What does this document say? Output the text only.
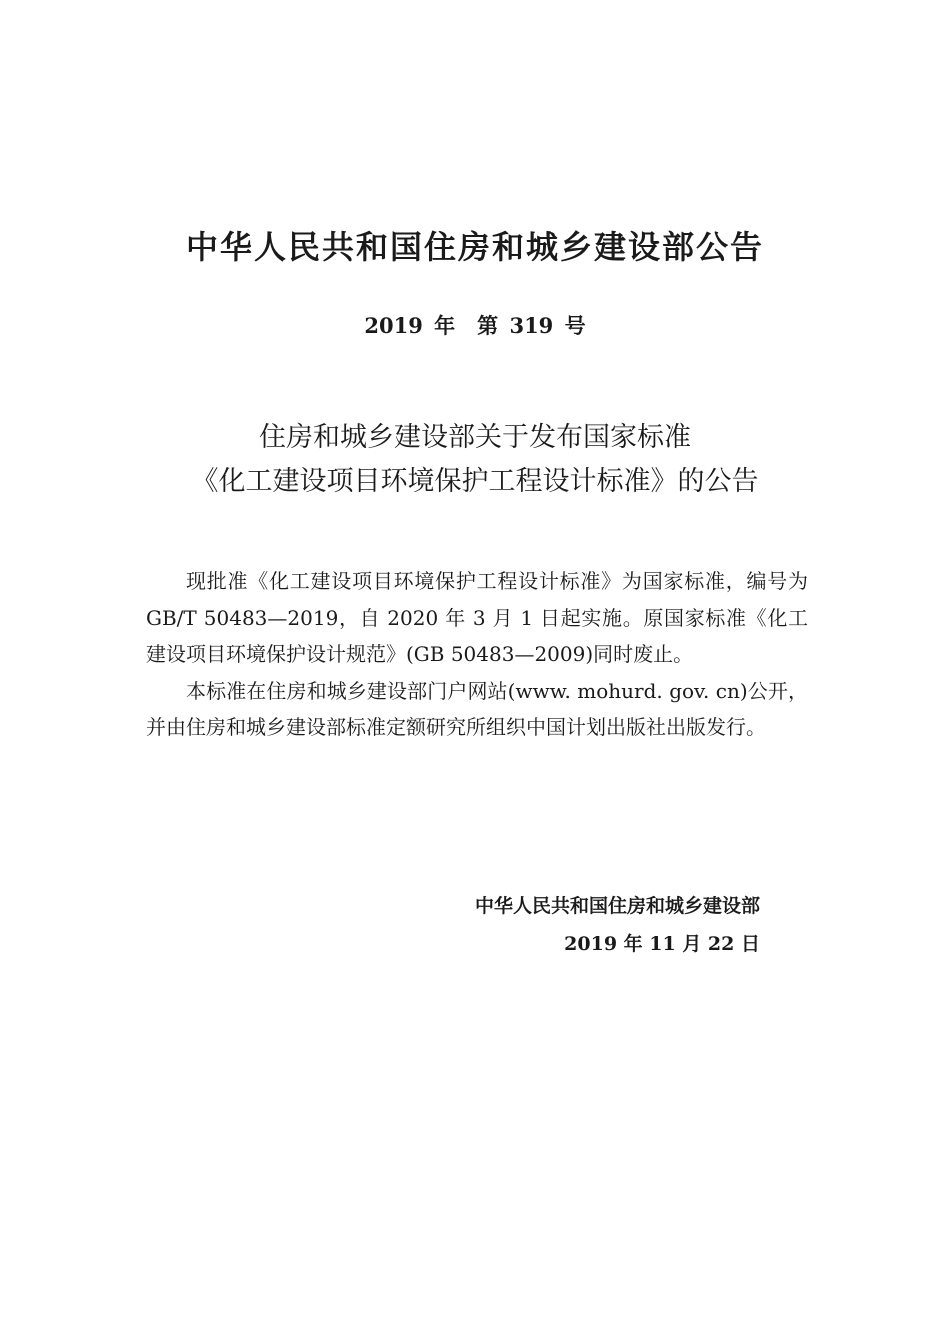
中华人民共和国住房和城乡建设部公告
2019 年 第 319 号
住房和城乡建设部关于发布国家标准
《化工建设项目环境保护工程设计标准》的公告

现批准《化工建设项目环境保护工程设计标准》为国家标准，编号为 GB/T 50483—2019，自 2020 年 3 月 1 日起实施。原国家标准《化工建设项目环境保护设计规范》(GB 50483—2009)同时废止。

本标准在住房和城乡建设部门户网站(www. mohurd. gov. cn)公开，并由住房和城乡建设部标准定额研究所组织中国计划出版社出版发行。

中华人民共和国住房和城乡建设部
2019 年 11 月 22 日
